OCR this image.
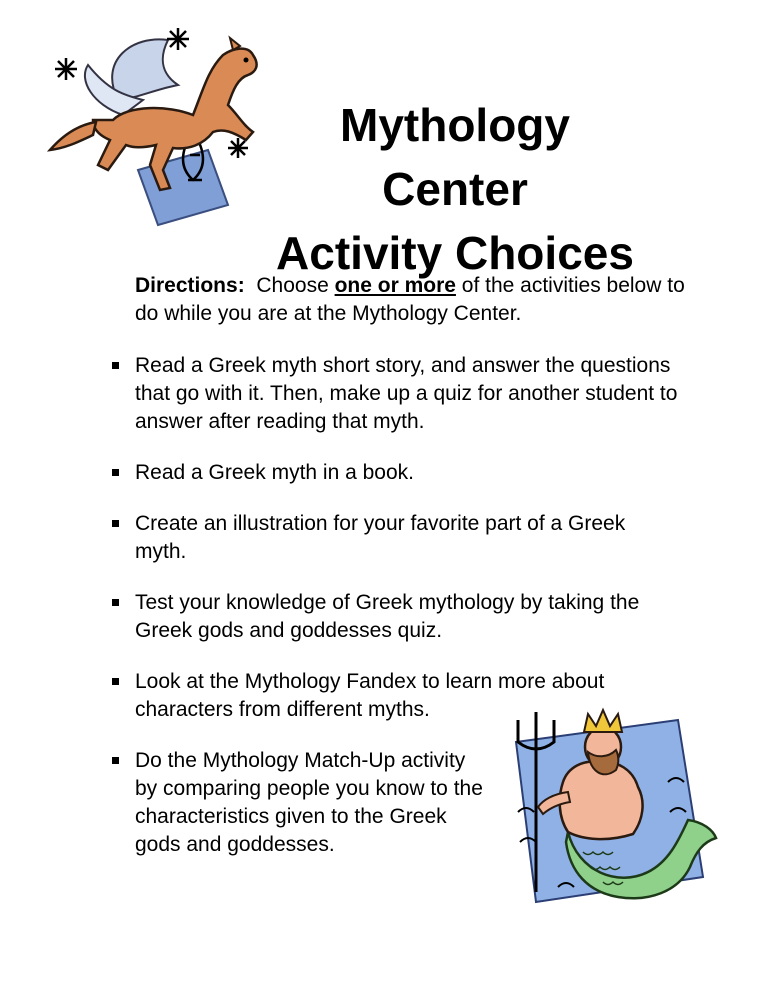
Mythology
Center
Activity Choices

Directions: Choose one or more of the activities below to do while you are at the Mythology Center.

Read a Greek myth short story, and answer the questions that go with it. Then, make up a quiz for another student to answer after reading that myth.
Read a Greek myth in a book.
Create an illustration for your favorite part of a Greek myth.
Test your knowledge of Greek mythology by taking the Greek gods and goddesses quiz.
Look at the Mythology Fandex to learn more about characters from different myths.
Do the Mythology Match-Up activity by comparing people you know to the characteristics given to the Greek gods and goddesses.
